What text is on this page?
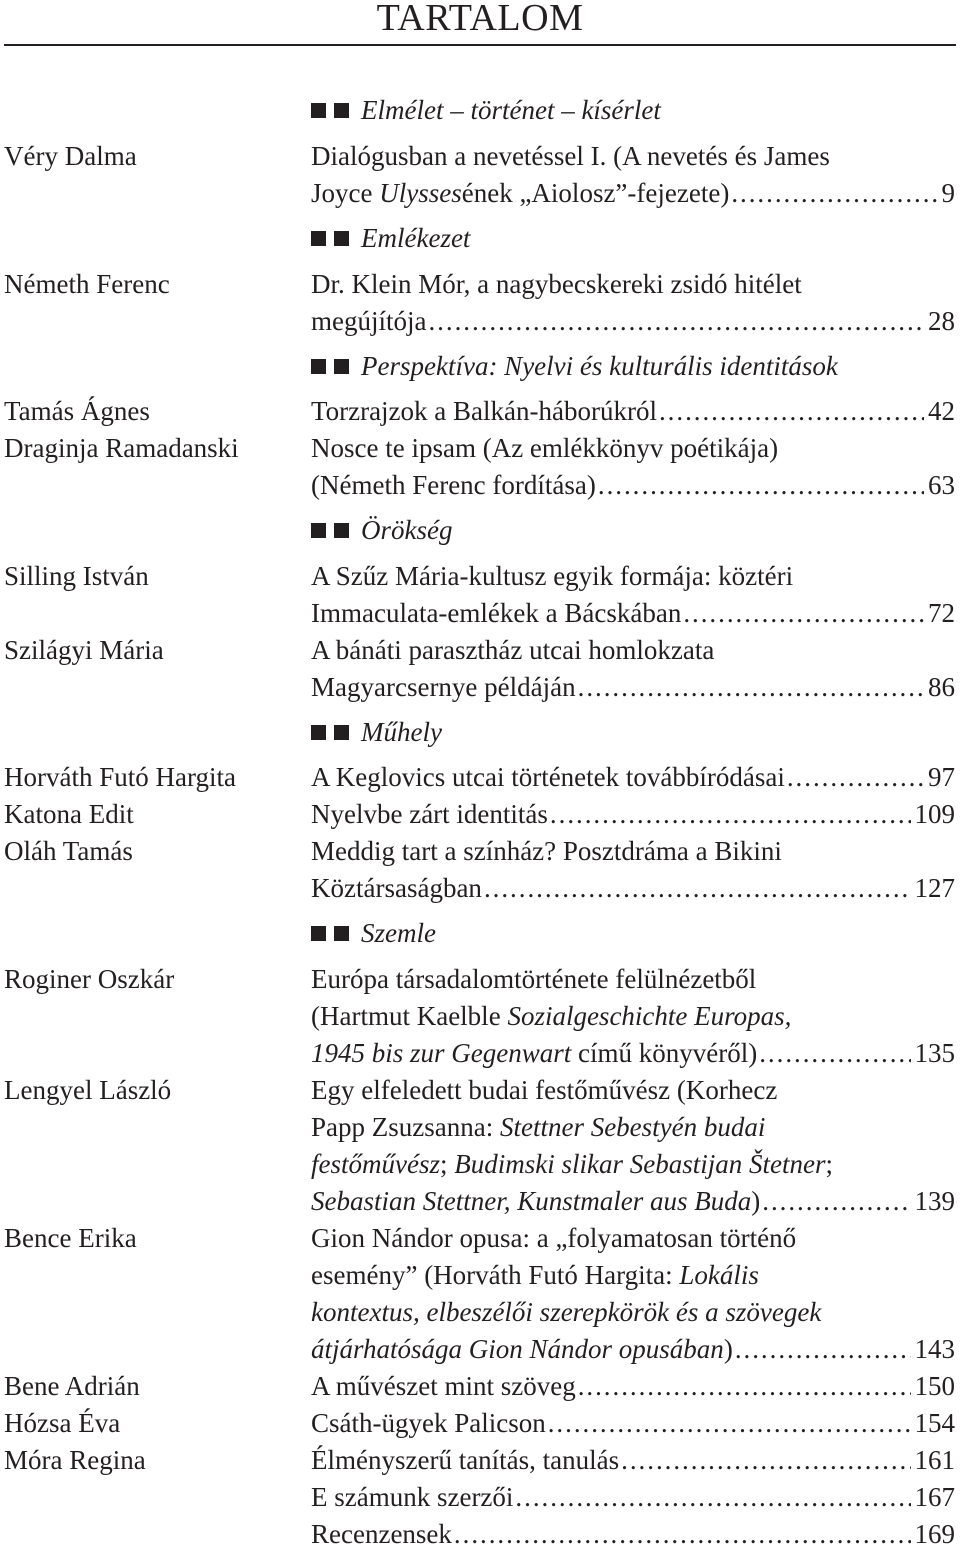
TARTALOM
Elmélet – történet – kísérlet
Véry Dalma	Dialógusban a nevetéssel I. (A nevetés és James
Joyce Ulyssesének „Aiolosz”-fejezete) . . .	9
Emlékezet
Németh Ferenc	Dr. Klein Mór, a nagybecskereki zsidó hitélet
megújítója . . .	28
Perspektíva: Nyelvi és kulturális identitások
Tamás Ágnes	Torzrajzok a Balkán-háborúkról . . .	42
Draginja Ramadanski	Nosce te ipsam (Az emlékkönyv poétikája)
(Németh Ferenc fordítása) . . .	63
Örökség
Silling István	A Szűz Mária-kultusz egyik formája: köztéri
Immaculata-emlékek a Bácskában . . .	72
Szilágyi Mária	A bánáti parasztház utcai homlokzata
Magyarcsernye példáján . . .	86
Műhely
Horváth Futó Hargita	A Keglovics utcai történetek továbbíródásai . . .	97
Katona Edit	Nyelvbe zárt identitás . . .	109
Oláh Tamás	Meddig tart a színház? Posztdráma a Bikini
Köztársaságban . . .	127
Szemle
Roginer Oszkár	Európa társadalomtörténete felülnézetből
(Hartmut Kaelble Sozialgeschichte Europas,
1945 bis zur Gegenwart című könyvéről) . . .	135
Lengyel László	Egy elfeledett budai festőművész (Korhecz
Papp Zsuzsanna: Stettner Sebestyén budai
festőművész; Budimski slikar Sebastijan Štetner;
Sebastian Stettner, Kunstmaler aus Buda) . . .	139
Bence Erika	Gion Nándor opusa: a „folyamatosan történő
esemény” (Horváth Futó Hargita: Lokális
kontextus, elbeszélői szerepkörök és a szövegek
átjárhatósága Gion Nándor opusában) . . .	143
Bene Adrián	A művészet mint szöveg . . .	150
Hózsa Éva	Csáth-ügyek Palicson . . .	154
Móra Regina	Élményszerű tanítás, tanulás . . .	161
E számunk szerzői . . .	167
Recenzensek . . .	169
